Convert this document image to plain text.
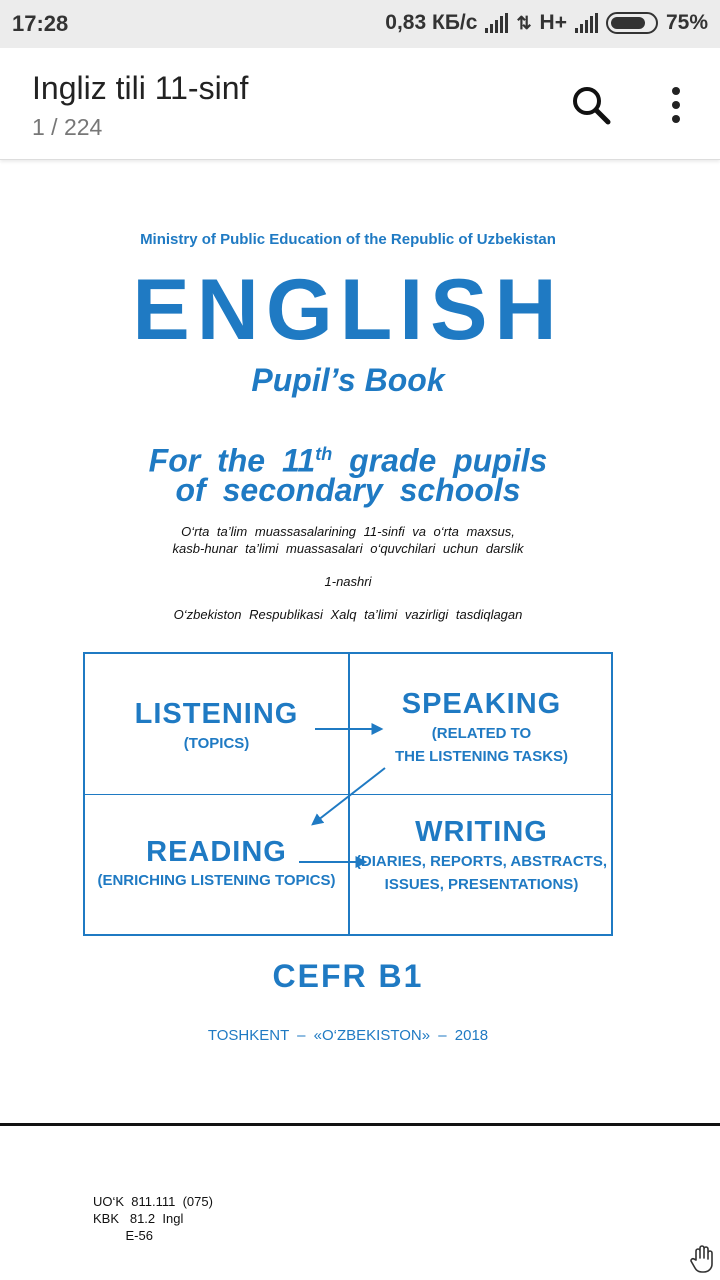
17:28	0,83 КБ/с ⇅ H+	75%
Ingliz tili 11-sinf
1 / 224
Ministry of Public Education of the Republic of Uzbekistan
ENGLISH
Pupil’s Book
For the 11th grade pupils
of secondary schools
O‘rta ta’lim muassasalarining 11-sinfi va o‘rta maxsus,
kasb-hunar ta’limi muassasalari o‘quvchilari uchun darslik
1-nashri
O‘zbekiston Respublikasi Xalq ta’limi vazirligi tasdiqlagan
LISTENING
(TOPICS)
SPEAKING
(RELATED TO
THE LISTENING TASKS)
READING
(ENRICHING LISTENING TOPICS)
WRITING
(DIARIES, REPORTS, ABSTRACTS,
ISSUES, PRESENTATIONS)
CEFR B1
TOSHKENT – «O‘ZBEKISTON» – 2018
UO‘K  811.111  (075)
KBK   81.2  Ingl
E-56
